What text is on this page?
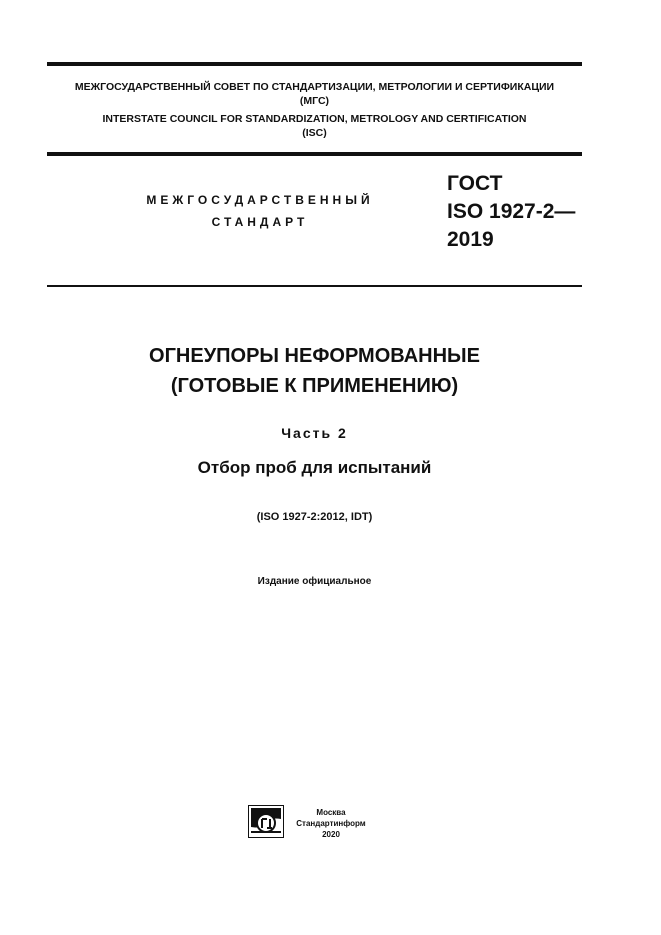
МЕЖГОСУДАРСТВЕННЫЙ СОВЕТ ПО СТАНДАРТИЗАЦИИ, МЕТРОЛОГИИ И СЕРТИФИКАЦИИ
(МГС)
INTERSTATE COUNCIL FOR STANDARDIZATION, METROLOGY AND CERTIFICATION
(ISC)
МЕЖГОСУДАРСТВЕННЫЙ
СТАНДАРТ
ГОСТ
ISO 1927-2—
2019
ОГНЕУПОРЫ НЕФОРМОВАННЫЕ
(ГОТОВЫЕ К ПРИМЕНЕНИЮ)
Часть 2
Отбор проб для испытаний
(ISO 1927-2:2012, IDT)
Издание официальное
Москва
Стандартинформ
2020
